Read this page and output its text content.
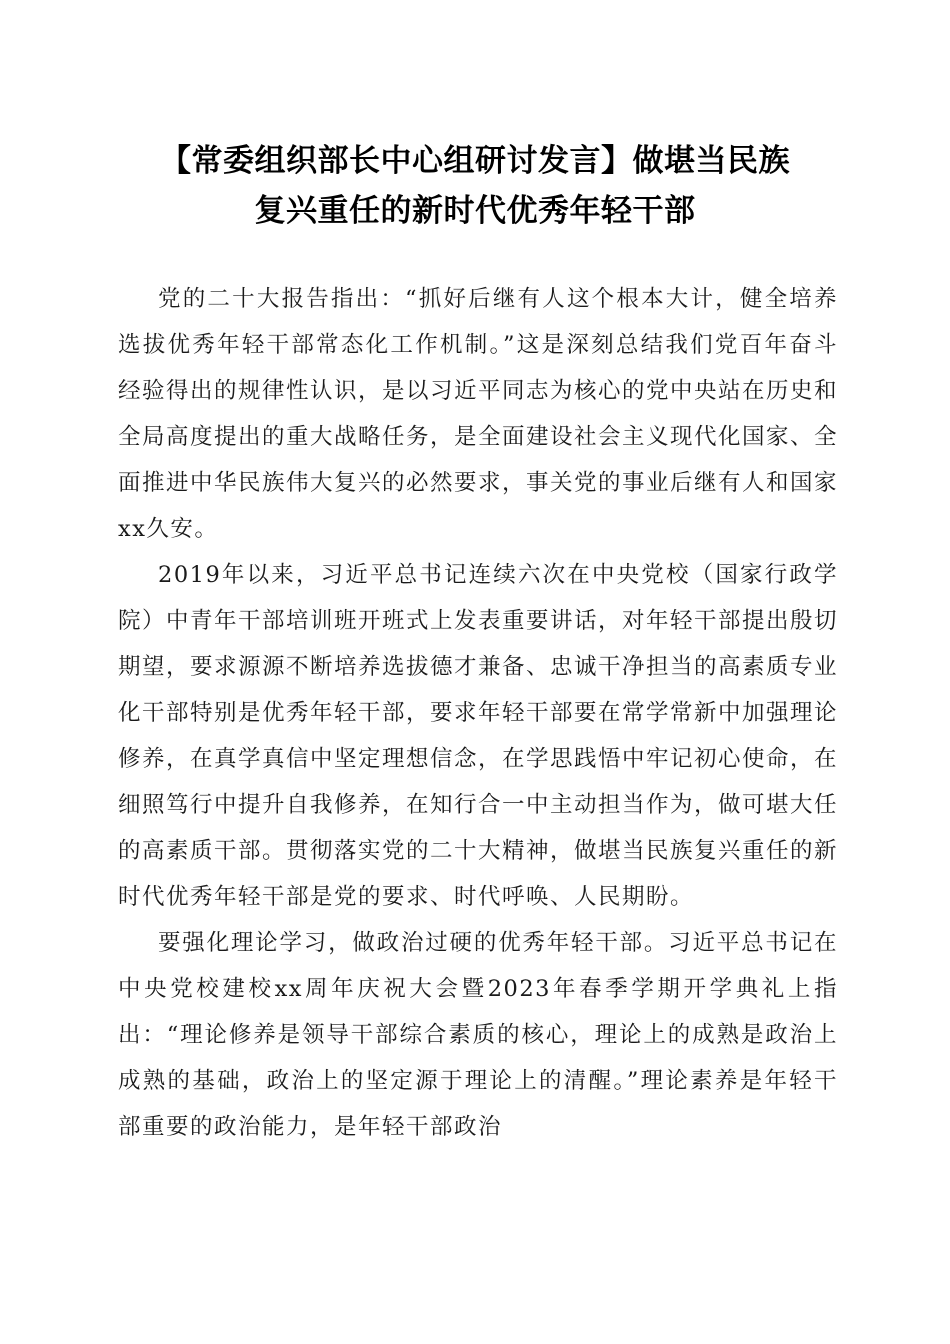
【常委组织部长中心组研讨发言】做堪当民族
复兴重任的新时代优秀年轻干部

党的二十大报告指出：“抓好后继有人这个根本大计，健全培养选拔优秀年轻干部常态化工作机制。”这是深刻总结我们党百年奋斗经验得出的规律性认识，是以习近平同志为核心的党中央站在历史和全局高度提出的重大战略任务，是全面建设社会主义现代化国家、全面推进中华民族伟大复兴的必然要求，事关党的事业后继有人和国家xx久安。

2019年以来，习近平总书记连续六次在中央党校（国家行政学院）中青年干部培训班开班式上发表重要讲话，对年轻干部提出殷切期望，要求源源不断培养选拔德才兼备、忠诚干净担当的高素质专业化干部特别是优秀年轻干部，要求年轻干部要在常学常新中加强理论修养，在真学真信中坚定理想信念，在学思践悟中牢记初心使命，在细照笃行中提升自我修养，在知行合一中主动担当作为，做可堪大任的高素质干部。贯彻落实党的二十大精神，做堪当民族复兴重任的新时代优秀年轻干部是党的要求、时代呼唤、人民期盼。

要强化理论学习，做政治过硬的优秀年轻干部。习近平总书记在中央党校建校xx周年庆祝大会暨2023年春季学期开学典礼上指出：“理论修养是领导干部综合素质的核心，理论上的成熟是政治上成熟的基础，政治上的坚定源于理论上的清醒。”理论素养是年轻干部重要的政治能力，是年轻干部政治
